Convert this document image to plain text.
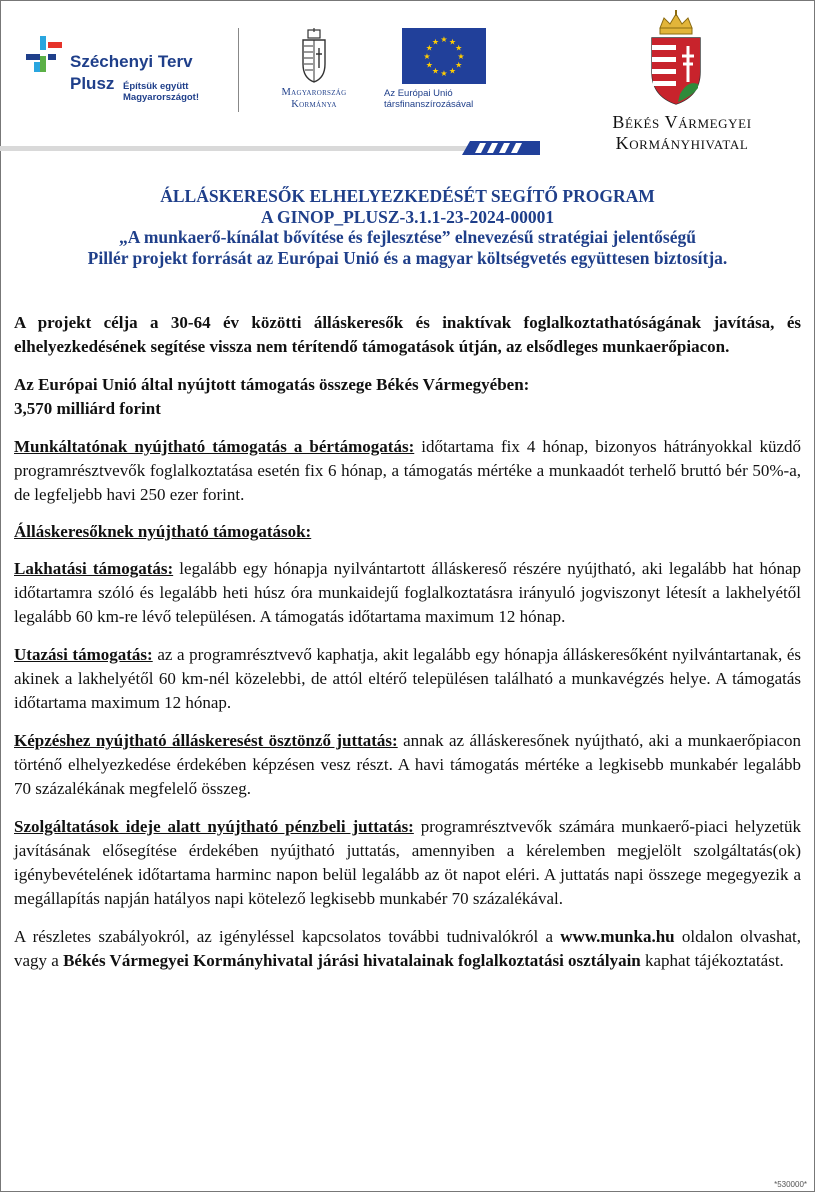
Széchenyi Terv
Plusz Építsük együtt
Magyarországot!	Magyarország
Kormánya
★
★
★
★
★
★
★
★
★ ★ ★
★
Az Európai Unió
társfinanszírozásával
Békés Vármegyei
Kormányhivatal
ÁLLÁSKERESŐK ELHELYEZKEDÉSÉT SEGÍTŐ PROGRAM
A GINOP_PLUSZ-3.1.1-23-2024-00001
„A munkaerő-kínálat bővítése és fejlesztése” elnevezésű stratégiai jelentőségű
Pillér projekt forrását az Európai Unió és a magyar költségvetés együttesen biztosítja.

A projekt célja a 30-64 év közötti álláskeresők és inaktívak foglalkoztathatóságának javítása, és elhelyezkedésének segítése vissza nem térítendő támogatások útján, az elsődleges munkaerőpiacon.

Az Európai Unió által nyújtott támogatás összege Békés Vármegyében:
3,570 milliárd forint

Munkáltatónak nyújtható támogatás a bértámogatás: időtartama fix 4 hónap, bizonyos hátrányokkal küzdő programrésztvevők foglalkoztatása esetén fix 6 hónap, a támogatás mértéke a munkaadót terhelő bruttó bér 50%-a, de legfeljebb havi 250 ezer forint.

Álláskeresőknek nyújtható támogatások:

Lakhatási támogatás: legalább egy hónapja nyilvántartott álláskereső részére nyújtható, aki legalább hat hónap időtartamra szóló és legalább heti húsz óra munkaidejű foglalkoztatásra irányuló jogviszonyt létesít a lakhelyétől legalább 60 km-re lévő településen. A támogatás időtartama maximum 12 hónap.

Utazási támogatás: az a programrésztvevő kaphatja, akit legalább egy hónapja álláskeresőként nyilvántartanak, és akinek a lakhelyétől 60 km-nél közelebbi, de attól eltérő településen található a munkavégzés helye. A támogatás időtartama maximum 12 hónap.

Képzéshez nyújtható álláskeresést ösztönző juttatás: annak az álláskeresőnek nyújtható, aki a munkaerőpiacon történő elhelyezkedése érdekében képzésen vesz részt. A havi támogatás mértéke a legkisebb munkabér legalább 70 százalékának megfelelő összeg.

Szolgáltatások ideje alatt nyújtható pénzbeli juttatás: programrésztvevők számára munkaerő-piaci helyzetük javításának elősegítése érdekében nyújtható juttatás, amennyiben a kérelemben megjelölt szolgáltatás(ok) igénybevételének időtartama harminc napon belül legalább az öt napot eléri. A juttatás napi összege megegyezik a megállapítás napján hatályos napi kötelező legkisebb munkabér 70 százalékával.

A részletes szabályokról, az igényléssel kapcsolatos további tudnivalókról a www.munka.hu oldalon olvashat, vagy a Békés Vármegyei Kormányhivatal járási hivatalainak foglalkoztatási osztályain kaphat tájékoztatást.

*530000*
